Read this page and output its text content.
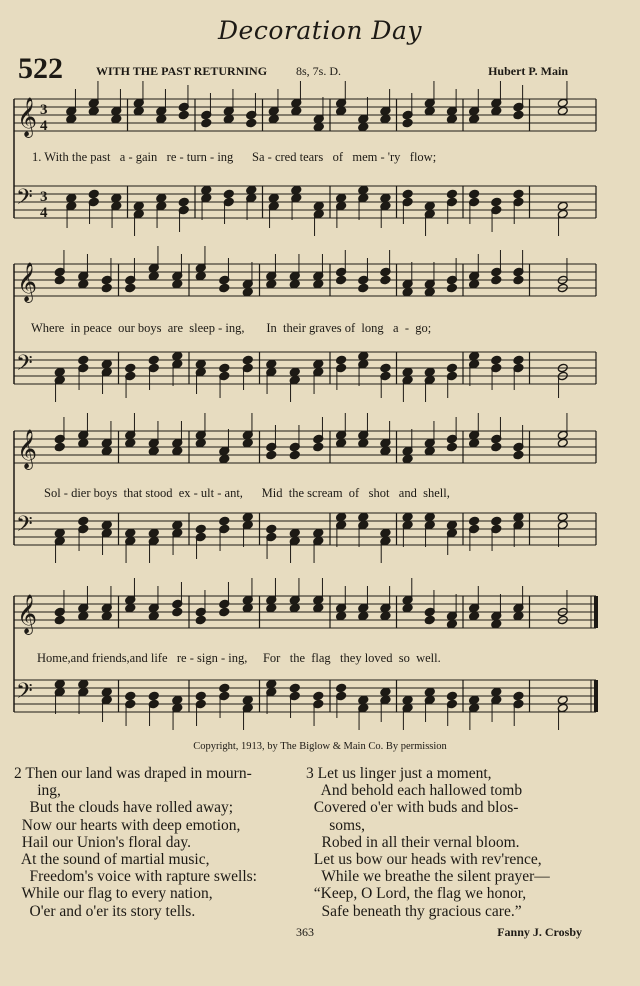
Decoration Day
522	WITH THE PAST RETURNING 8s, 7s. D.	Hubert P. Main
𝄞
𝄢
3
4
3
4
𝄞
𝄢
𝄞
𝄢
𝄞
𝄢
1. With the past   a - gain   re - turn - ing      Sa - cred tears   of   mem - 'ry   flow;
Where  in peace  our boys  are  sleep - ing,       In  their graves of  long   a  -  go;
Sol - dier boys  that stood  ex - ult - ant,      Mid  the scream  of   shot   and  shell,
Home,and friends,and life   re - sign - ing,     For   the  flag   they loved  so  well.
Copyright, 1913, by The Biglow & Main Co. By permission
2 Then our land was draped in mourn-
ing,
But the clouds have rolled away;
Now our hearts with deep emotion,
Hail our Union's floral day.
At the sound of martial music,
Freedom's voice with rapture swells:
While our flag to every nation,
O'er and o'er its story tells.
3 Let us linger just a moment,
And behold each hallowed tomb
Covered o'er with buds and blos-
soms,
Robed in all their vernal bloom.
Let us bow our heads with rev'rence,
While we breathe the silent prayer—
“Keep, O Lord, the flag we honor,
Safe beneath thy gracious care.”
363	Fanny J. Crosby
